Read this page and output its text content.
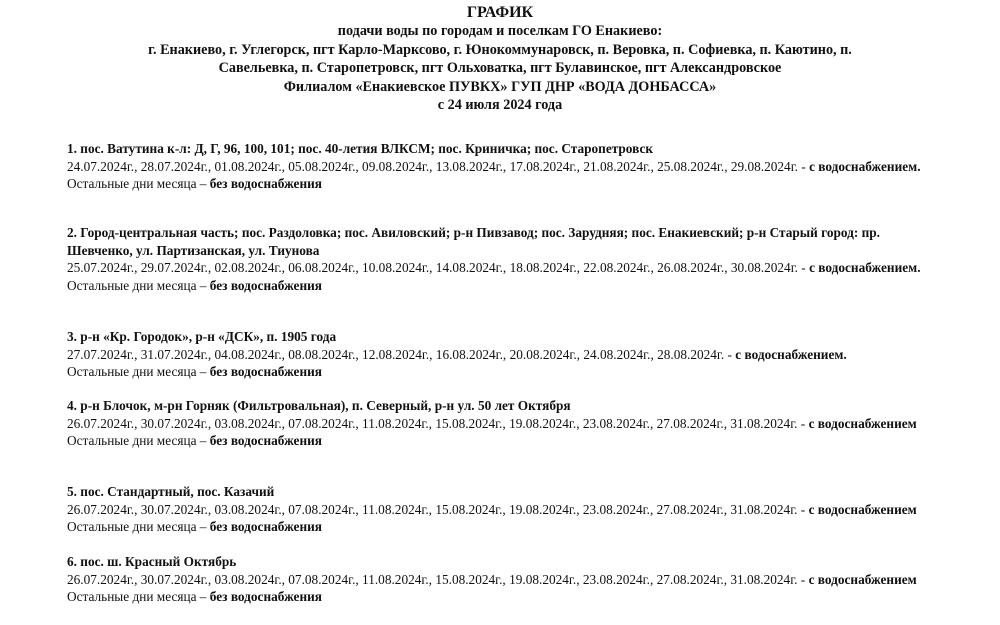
ГРАФИК
подачи воды по городам и поселкам ГО Енакиево:
г. Енакиево, г. Углегорск, пгт Карло-Марксово, г. Юнокоммунаровск, п. Веровка, п. Софиевка, п. Каютино, п.
Савельевка, п. Старопетровск, пгт Ольховатка, пгт Булавинское, пгт Александровское
Филиалом «Енакиевское ПУВКХ» ГУП ДНР «ВОДА ДОНБАССА»
с 24 июля 2024 года
1. пос. Ватутина к-л: Д, Г, 96, 100, 101; пос. 40-летия ВЛКСМ; пос. Криничка; пос. Старопетровск
24.07.2024г., 28.07.2024г., 01.08.2024г., 05.08.2024г., 09.08.2024г., 13.08.2024г., 17.08.2024г., 21.08.2024г., 25.08.2024г., 29.08.2024г. - с водоснабжением.
Остальные дни месяца – без водоснабжения
2. Город-центральная часть; пос. Раздоловка; пос. Авиловский; р-н Пивзавод; пос. Зарудняя; пос. Енакиевский; р-н Старый город: пр. Шевченко, ул. Партизанская, ул. Тиунова
25.07.2024г., 29.07.2024г., 02.08.2024г., 06.08.2024г., 10.08.2024г., 14.08.2024г., 18.08.2024г., 22.08.2024г., 26.08.2024г., 30.08.2024г. - с водоснабжением.
Остальные дни месяца – без водоснабжения
3. р-н «Кр. Городок», р-н «ДСК», п. 1905 года
27.07.2024г., 31.07.2024г., 04.08.2024г., 08.08.2024г., 12.08.2024г., 16.08.2024г., 20.08.2024г., 24.08.2024г., 28.08.2024г. - с водоснабжением.
Остальные дни месяца – без водоснабжения
4. р-н Блочок, м-рн Горняк (Фильтровальная), п. Северный, р-н ул. 50 лет Октября
26.07.2024г., 30.07.2024г., 03.08.2024г., 07.08.2024г., 11.08.2024г., 15.08.2024г., 19.08.2024г., 23.08.2024г., 27.08.2024г., 31.08.2024г. - с водоснабжением
Остальные дни месяца – без водоснабжения
5. пос. Стандартный, пос. Казачий
26.07.2024г., 30.07.2024г., 03.08.2024г., 07.08.2024г., 11.08.2024г., 15.08.2024г., 19.08.2024г., 23.08.2024г., 27.08.2024г., 31.08.2024г. - с водоснабжением
Остальные дни месяца – без водоснабжения
6. пос. ш. Красный Октябрь
26.07.2024г., 30.07.2024г., 03.08.2024г., 07.08.2024г., 11.08.2024г., 15.08.2024г., 19.08.2024г., 23.08.2024г., 27.08.2024г., 31.08.2024г. - с водоснабжением
Остальные дни месяца – без водоснабжения
